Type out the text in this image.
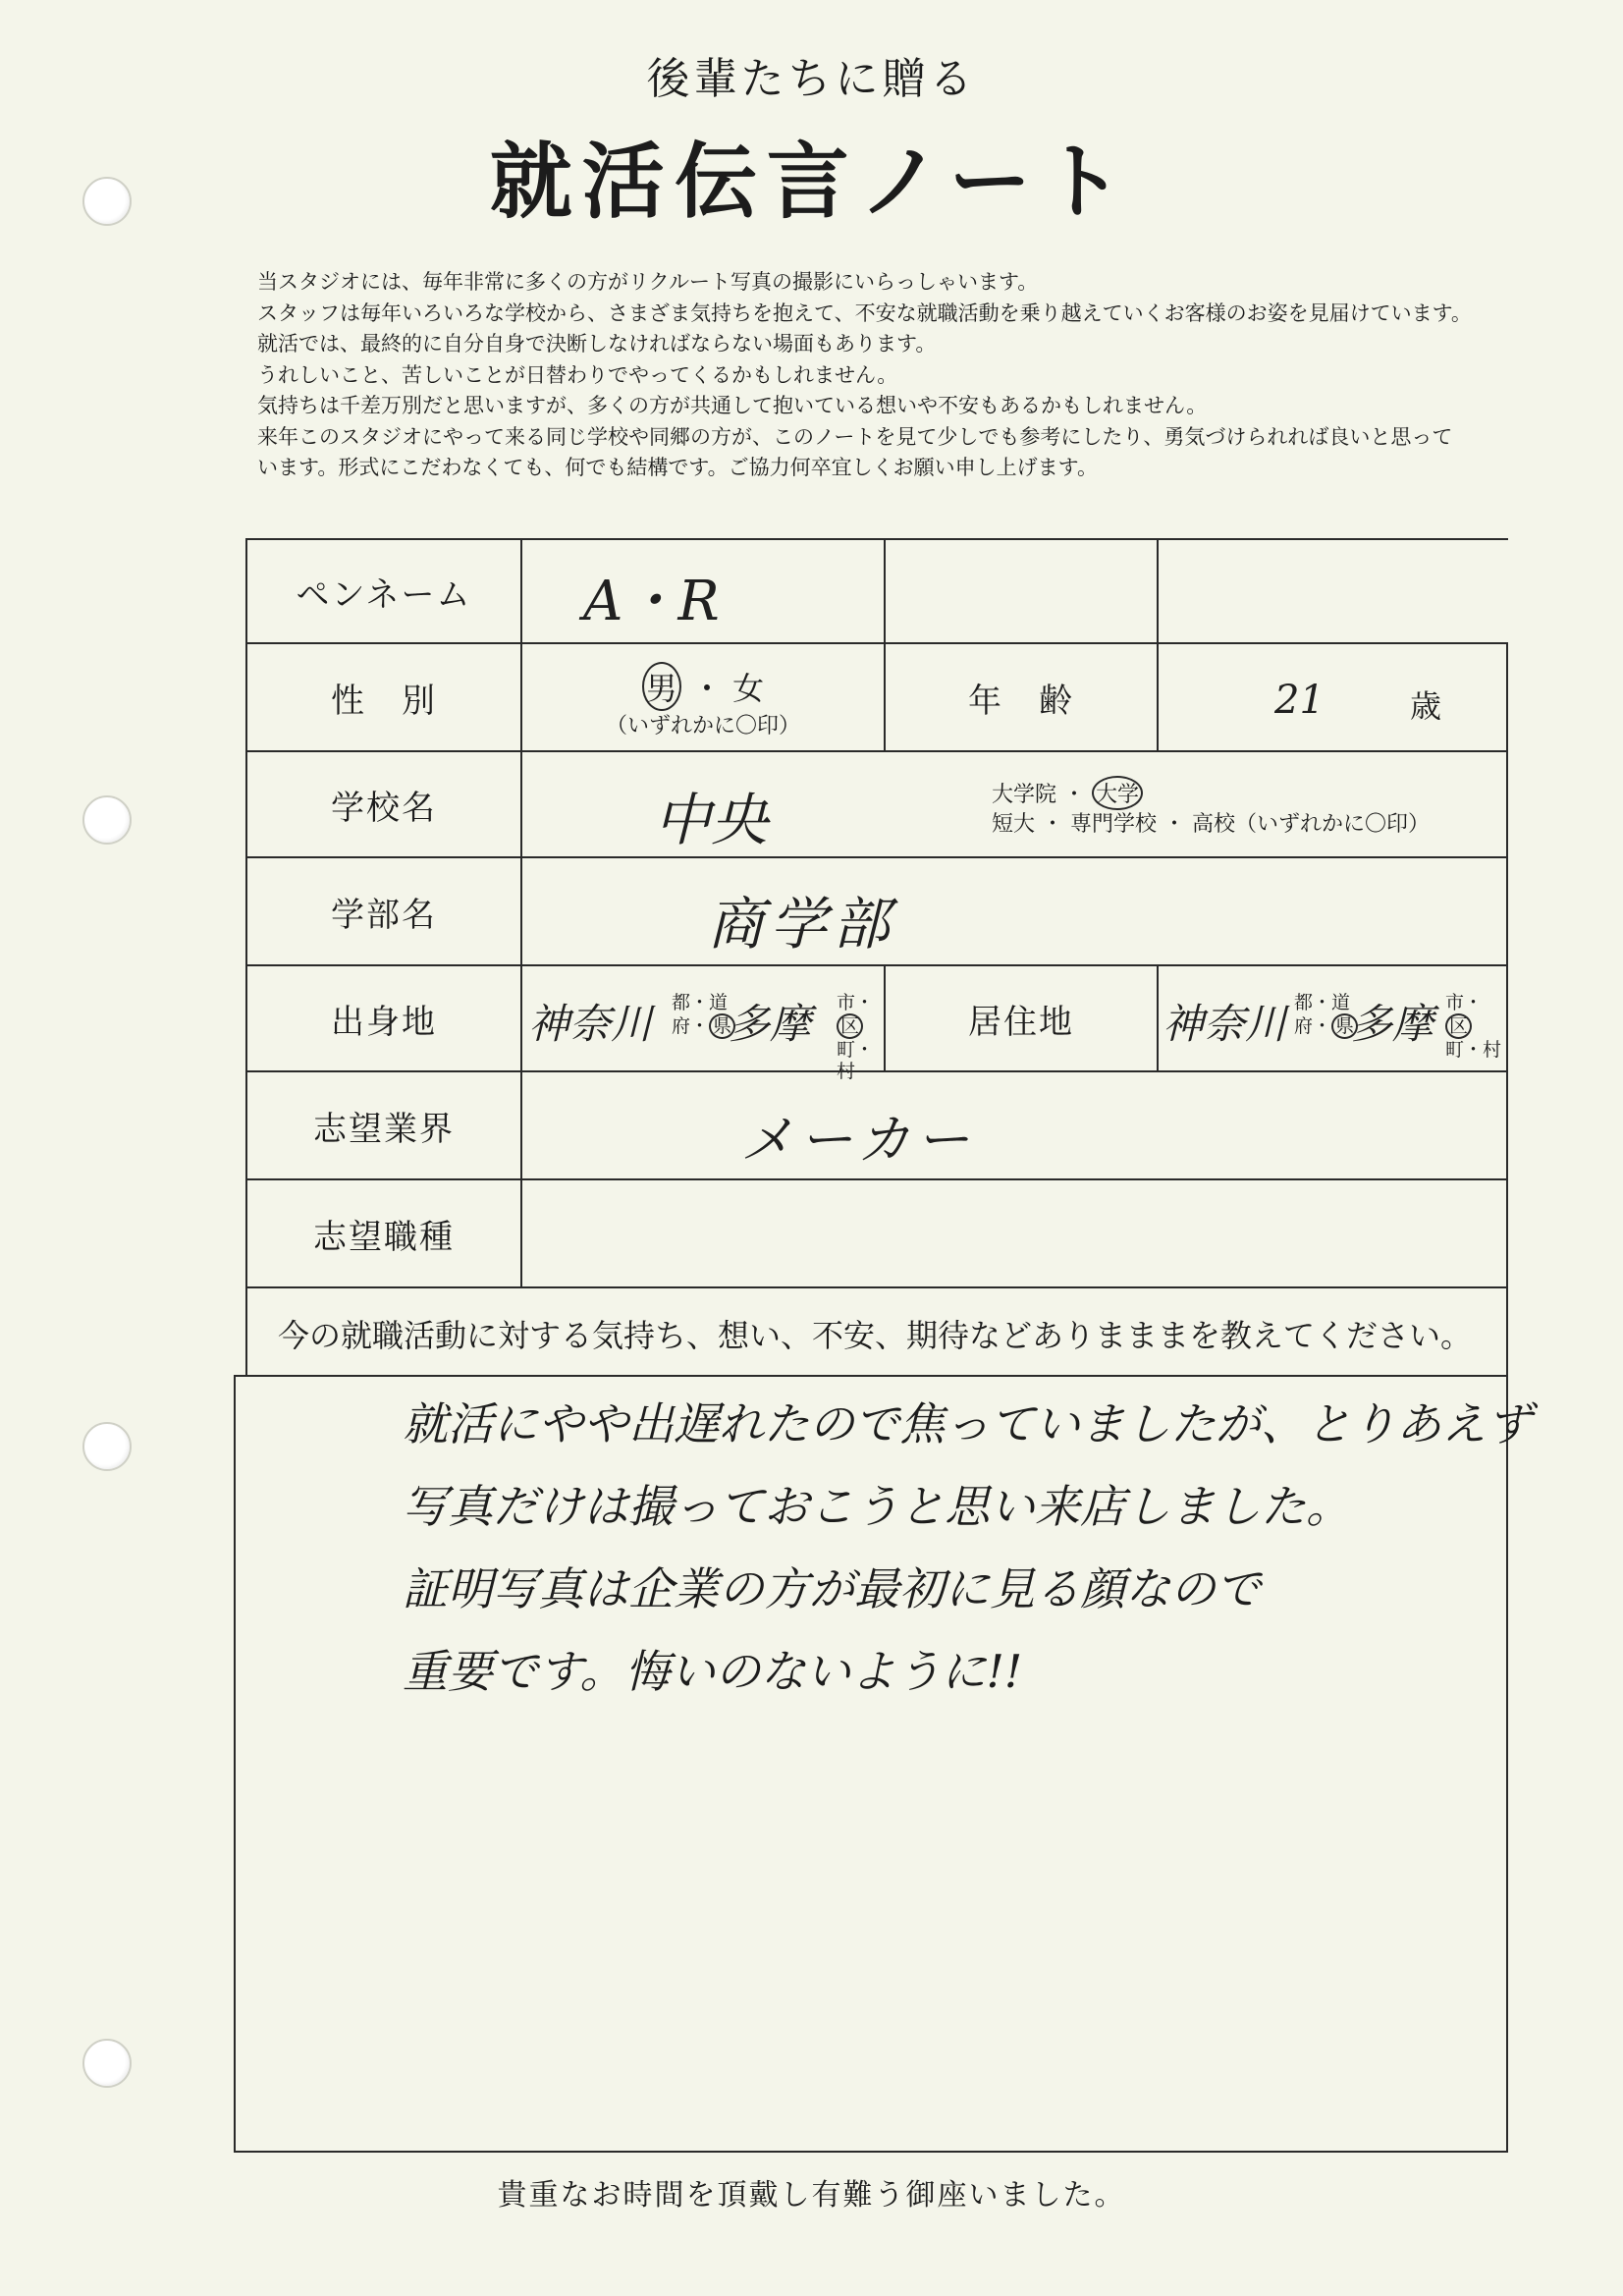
後輩たちに贈る
就活伝言ノート
当スタジオには、毎年非常に多くの方がリクルート写真の撮影にいらっしゃいます。
スタッフは毎年いろいろな学校から、さまざま気持ちを抱えて、不安な就職活動を乗り越えていくお客様のお姿を見届けています。
就活では、最終的に自分自身で決断しなければならない場面もあります。
うれしいこと、苦しいことが日替わりでやってくるかもしれません。
気持ちは千差万別だと思いますが、多くの方が共通して抱いている想いや不安もあるかもしれません。
来年このスタジオにやって来る同じ学校や同郷の方が、このノートを見て少しでも参考にしたり、勇気づけられれば良いと思って
います。形式にこだわなくても、何でも結構です。ご協力何卒宜しくお願い申し上げます。
ペンネーム	A・R
性　別	男 ・ 女
（いずれかに〇印）
年　齢	21	歳
学校名	中央	大学院 ・ 大学
短大 ・ 専門学校 ・ 高校（いずれかに〇印）
学部名	商学部
出身地	神奈川 都・道
府・ 県
多摩 市・区
町・村
居住地	神奈川 都・道
府・ 県
多摩 市・区
町・村
志望業界	メーカー
志望職種
今の就職活動に対する気持ち、想い、不安、期待などありまままを教えてください。
就活にやや出遅れたので焦っていましたが、とりあえず
写真だけは撮っておこうと思い来店しました。
証明写真は企業の方が最初に見る顔なので
重要です。悔いのないように!!
貴重なお時間を頂戴し有難う御座いました。
